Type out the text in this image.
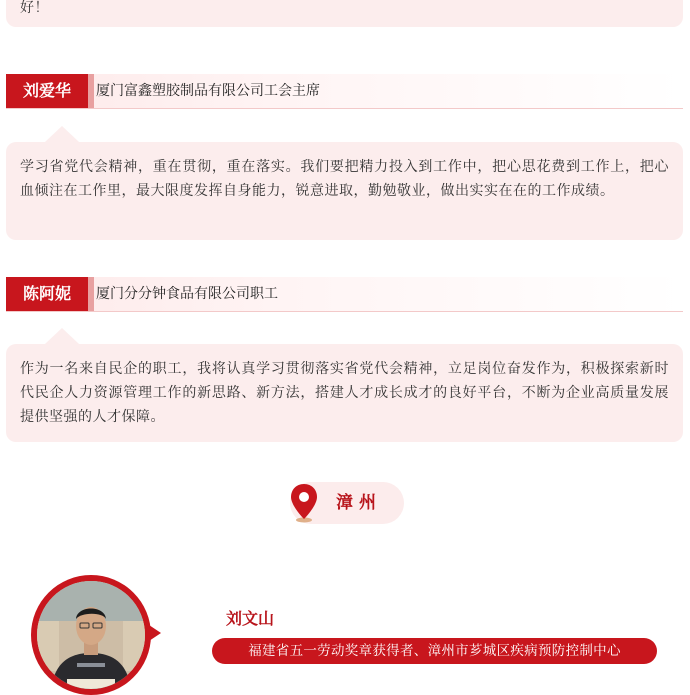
好！
刘爱华	厦门富鑫塑胶制品有限公司工会主席
学习省党代会精神，重在贯彻，重在落实。我们要把精力投入到工作中，把心思花费到工作上，把心血倾注在工作里，最大限度发挥自身能力，锐意进取，勤勉敬业，做出实实在在的工作成绩。
陈阿妮	厦门分分钟食品有限公司职工
作为一名来自民企的职工，我将认真学习贯彻落实省党代会精神，立足岗位奋发作为，积极探索新时代民企人力资源管理工作的新思路、新方法，搭建人才成长成才的良好平台，不断为企业高质量发展提供坚强的人才保障。
漳州
刘文山
福建省五一劳动奖章获得者、漳州市芗城区疾病预防控制中心
